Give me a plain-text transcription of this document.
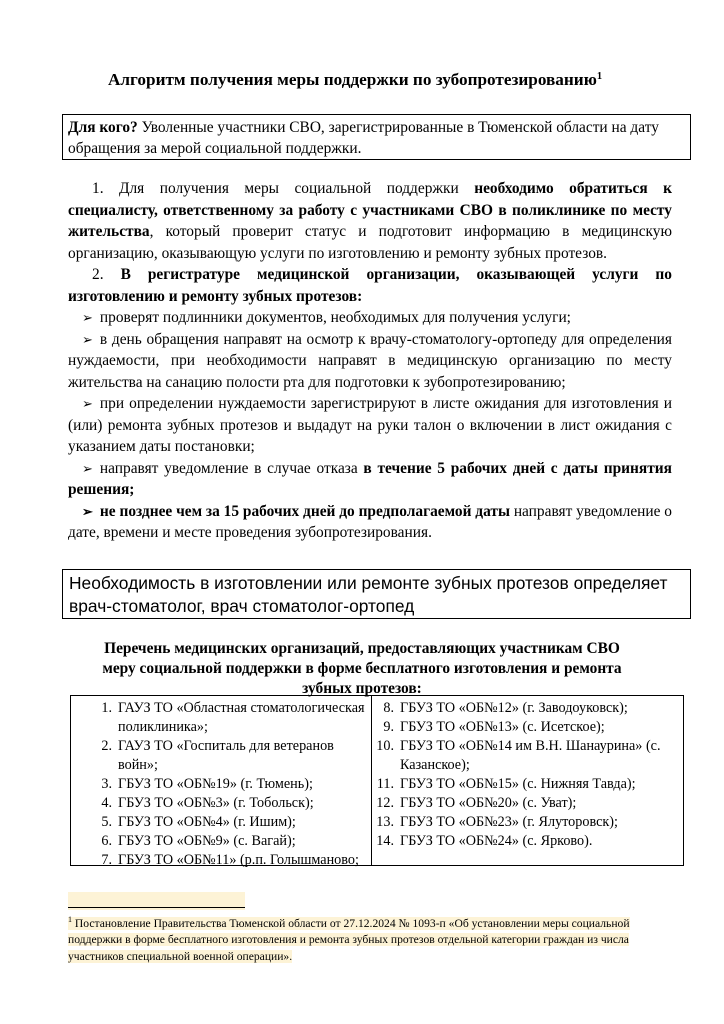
Алгоритм получения меры поддержки по зубопротезированию$^1$
Для кого? Уволенные участники СВО, зарегистрированные в Тюменской области на дату обращения за мерой социальной поддержки.

1. Для получения меры социальной поддержки необходимо обратиться к специалисту, ответственному за работу с участниками СВО в поликлинике по месту жительства, который проверит статус и подготовит информацию в медицинскую организацию, оказывающую услуги по изготовлению и ремонту зубных протезов.

2. В регистратуре медицинской организации, оказывающей услуги по изготовлению и ремонту зубных протезов:

➢ проверят подлинники документов, необходимых для получения услуги;

➢ в день обращения направят на осмотр к врачу-стоматологу-ортопеду для определения нуждаемости, при необходимости направят в медицинскую организацию по месту жительства на санацию полости рта для подготовки к зубопротезированию;

➢ при определении нуждаемости зарегистрируют в листе ожидания для изготовления и (или) ремонта зубных протезов и выдадут на руки талон о включении в лист ожидания с указанием даты постановки;

➢ направят уведомление в случае отказа в течение 5 рабочих дней с даты принятия решения;

➢ не позднее чем за 15 рабочих дней до предполагаемой даты направят уведомление о дате, времени и месте проведения зубопротезирования.

Необходимость в изготовлении или ремонте зубных протезов определяет врач-стоматолог, врач стоматолог-ортопед
Перечень медицинских организаций, предоставляющих участникам СВО меру социальной поддержки в форме бесплатного изготовления и ремонта зубных протезов:
1. ГАУЗ ТО «Областная стоматологическая поликлиника»;
2. ГАУЗ ТО «Госпиталь для ветеранов войн»;
3. ГБУЗ ТО «ОБ№19» (г. Тюмень);
4. ГБУЗ ТО «ОБ№3» (г. Тобольск);
5. ГБУЗ ТО «ОБ№4» (г. Ишим);
6. ГБУЗ ТО «ОБ№9» (с. Вагай);
7. ГБУЗ ТО «ОБ№11» (р.п. Голышманово;
8. ГБУЗ ТО «ОБ№12» (г. Заводоуковск);
9. ГБУЗ ТО «ОБ№13» (с. Исетское);
10. ГБУЗ ТО «ОБ№14 им В.Н. Шанаурина» (с. Казанское);
11. ГБУЗ ТО «ОБ№15» (с. Нижняя Тавда);
12. ГБУЗ ТО «ОБ№20» (с. Уват);
13. ГБУЗ ТО «ОБ№23» (г. Ялуторовск);
14. ГБУЗ ТО «ОБ№24» (с. Ярково).
$^1$ Постановление Правительства Тюменской области от 27.12.2024 № 1093-п «Об установлении меры социальной поддержки в форме бесплатного изготовления и ремонта зубных протезов отдельной категории граждан из числа участников специальной военной операции».
